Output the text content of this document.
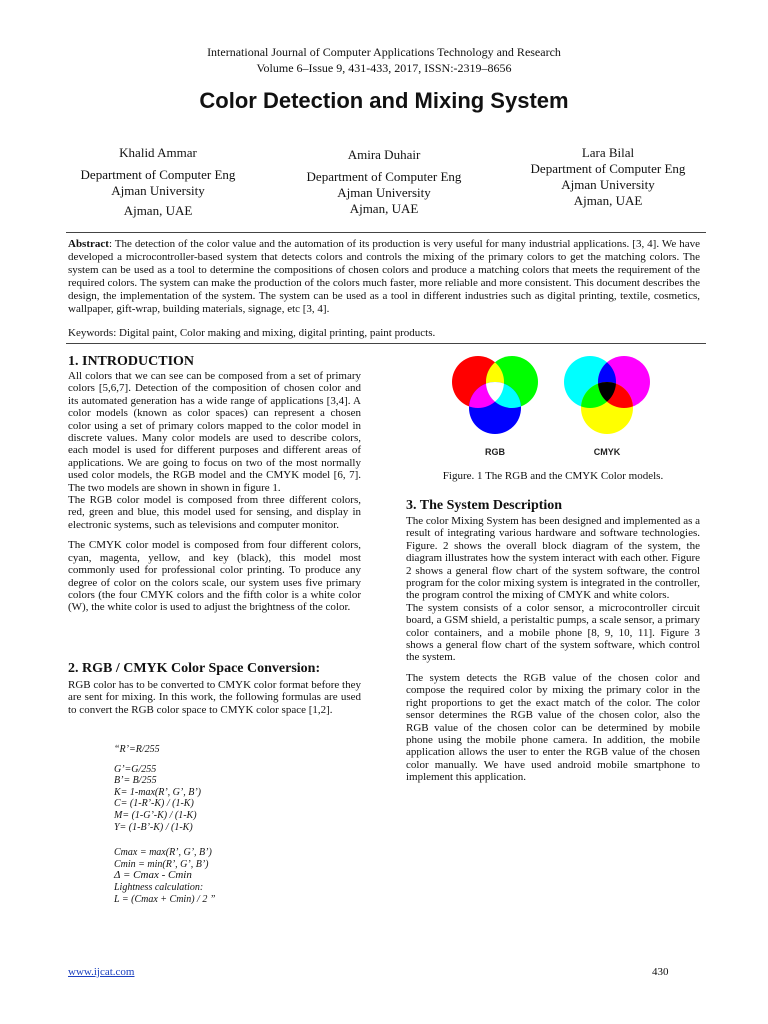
International Journal of Computer Applications Technology and Research
Volume 6–Issue 9, 431-433, 2017, ISSN:-2319–8656
Color Detection and Mixing System
Khalid Ammar
Department of Computer Eng
Ajman University
Ajman, UAE
Amira Duhair
Department of Computer Eng
Ajman University
Ajman, UAE
Lara Bilal
Department of Computer Eng
Ajman University
Ajman, UAE
Abstract: The detection of the color value and the automation of its production is very useful for many industrial applications. [3, 4]. We have developed a microcontroller-based system that detects colors and controls the mixing of the primary colors to get the matching colors. The system can be used as a tool to determine the compositions of chosen colors and produce a matching colors that meets the requirement of the required colors. The system can make the production of the colors much faster, more reliable and more consistent. This document describes the design, the implementation of the system. The system can be used as a tool in different industries such as digital printing, textile, cosmetics, wallpaper, gift-wrap, building materials, signage, etc [3, 4].
Keywords: Digital paint, Color making and mixing, digital printing, paint products.
1. INTRODUCTION

All colors that we can see can be composed from a set of primary colors [5,6,7]. Detection of the composition of chosen color and its automated generation has a wide range of applications [3,4]. A color models (known as color spaces) can represent a chosen color using a set of primary colors mapped to the color model in discrete values. Many color models are used to describe colors, each model is used for different purposes and different areas of applications. We are going to focus on two of the most normally used color models, the RGB model and the CMYK model [6, 7]. The two models are shown in shown in figure 1.

The RGB color model is composed from three different colors, red, green and blue, this model used for sensing, and display in electronic systems, such as televisions and computer monitor.

The CMYK color model is composed from four different colors, cyan, magenta, yellow, and key (black), this model most commonly used for professional color printing. To produce any degree of color on the colors scale, our system uses five primary colors (the four CMYK colors and the fifth color is a white color (W), the white color is used to adjust the brightness of the color.

2. RGB / CMYK Color Space Conversion:

RGB color has to be converted to CMYK color format before they are sent for mixing. In this work, the following formulas are used to convert the RGB color space to CMYK color space [1,2].

“R’=R/255
G’=G/255
B’= B/255
K= 1-max(R’, G’, B’)
C= (1-R’-K) / (1-K)
M= (1-G’-K) / (1-K)
Y= (1-B’-K) / (1-K)
Cmax = max(R’, G’, B’)
Cmin = min(R’, G’, B’)
Δ = Cmax - Cmin
Lightness calculation:
L = (Cmax + Cmin) / 2 ”
RGB	CMYK
Figure. 1 The RGB and the CMYK Color models.
3. The System Description

The color Mixing System has been designed and implemented as a result of integrating various hardware and software technologies. Figure. 2 shows the overall block diagram of the system, the diagram illustrates how the system interact with each other. Figure 2 shows a general flow chart of the system software, the control program for the color mixing system is integrated in the controller, the program control the mixing of CMYK and white colors.

The system consists of a color sensor, a microcontroller circuit board, a GSM shield, a peristaltic pumps, a scale sensor, a primary color containers, and a mobile phone [8, 9, 10, 11]. Figure 3 shows a general flow chart of the system software, which control the system.

The system detects the RGB value of the chosen color and compose the required color by mixing the primary color in the right proportions to get the exact match of the color. The color sensor determines the RGB value of the chosen color, also the RGB value of the chosen color can be determined by mobile phone using the mobile phone camera. In addition, the mobile application allows the user to enter the RGB value of the chosen color manually. We have used android mobile smartphone to implement this application.

www.ijcat.com	430
